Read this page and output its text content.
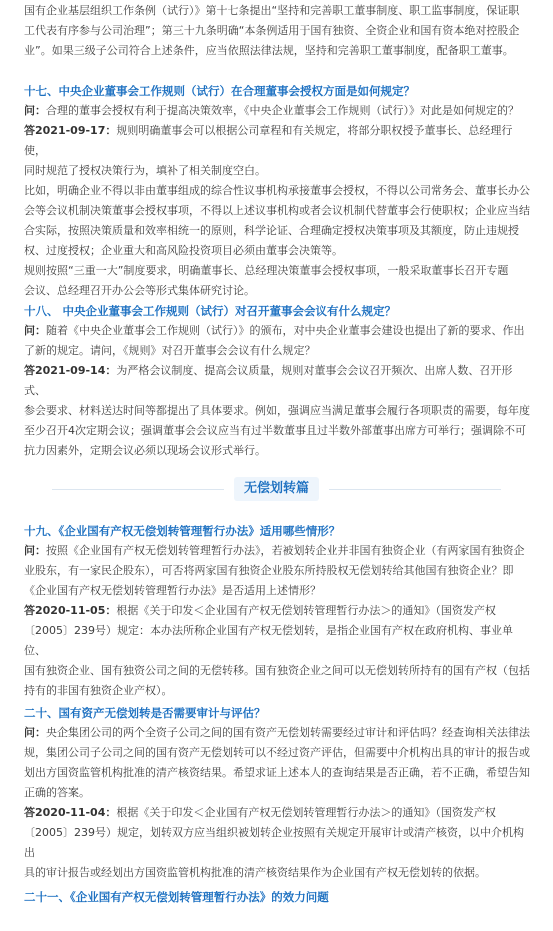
国有企业基层组织工作条例（试行）》第十七条提出“坚持和完善职工董事制度、职工监事制度，保证职

工代表有序参与公司治理”；第三十九条明确“本条例适用于国有独资、全资企业和国有资本绝对控股企

业”。如果三级子公司符合上述条件，应当依照法律法规，坚持和完善职工董事制度，配备职工董事。

十七、中央企业董事会工作规则（试行）在合理董事会授权方面是如何规定？

问：合理的董事会授权有利于提高决策效率，《中央企业董事会工作规则（试行）》对此是如何规定的？

答2021-09-17：规则明确董事会可以根据公司章程和有关规定，将部分职权授予董事长、总经理行使，

同时规范了授权决策行为，填补了相关制度空白。

比如，明确企业不得以非由董事组成的综合性议事机构承接董事会授权，不得以公司常务会、董事长办公

会等会议机制决策董事会授权事项，不得以上述议事机构或者会议机制代替董事会行使职权；企业应当结

合实际，按照决策质量和效率相统一的原则，科学论证、合理确定授权决策事项及其额度，防止违规授

权、过度授权；企业重大和高风险投资项目必须由董事会决策等。

规则按照“三重一大”制度要求，明确董事长、总经理决策董事会授权事项，一般采取董事长召开专题

会议、总经理召开办公会等形式集体研究讨论。

十八、 中央企业董事会工作规则（试行）对召开董事会会议有什么规定？

问：随着《中央企业董事会工作规则（试行）》的颁布，对中央企业董事会建设也提出了新的要求、作出

了新的规定。请问，《规则》对召开董事会会议有什么规定？

答2021-09-14：为严格会议制度、提高会议质量，规则对董事会会议召开频次、出席人数、召开形式、

参会要求、材料送达时间等都提出了具体要求。例如，强调应当满足董事会履行各项职责的需要，每年度

至少召开4次定期会议；强调董事会会议应当有过半数董事且过半数外部董事出席方可举行；强调除不可

抗力因素外，定期会议必须以现场会议形式举行。

无偿划转篇

十九、《企业国有产权无偿划转管理暂行办法》适用哪些情形？

问：按照《企业国有产权无偿划转管理暂行办法》，若被划转企业并非国有独资企业（有两家国有独资企

业股东，有一家民企股东），可否将两家国有独资企业股东所持股权无偿划转给其他国有独资企业？即

《企业国有产权无偿划转管理暂行办法》是否适用上述情形？

答2020-11-05：根据《关于印发＜企业国有产权无偿划转管理暂行办法＞的通知》（国资发产权

〔2005〕239号）规定：本办法所称企业国有产权无偿划转，是指企业国有产权在政府机构、事业单位、

国有独资企业、国有独资公司之间的无偿转移。国有独资企业之间可以无偿划转所持有的国有产权（包括

持有的非国有独资企业产权）。

二十、国有资产无偿划转是否需要审计与评估？

问：央企集团公司的两个全资子公司之间的国有资产无偿划转需要经过审计和评估吗？经查询相关法律法

规，集团公司子公司之间的国有资产无偿划转可以不经过资产评估，但需要中介机构出具的审计的报告或

划出方国资监管机构批准的清产核资结果。希望求证上述本人的查询结果是否正确，若不正确，希望告知

正确的答案。

答2020-11-04：根据《关于印发＜企业国有产权无偿划转管理暂行办法＞的通知》（国资发产权

〔2005〕239号）规定，划转双方应当组织被划转企业按照有关规定开展审计或清产核资，以中介机构出

具的审计报告或经划出方国资监管机构批准的清产核资结果作为企业国有产权无偿划转的依据。

二十一、《企业国有产权无偿划转管理暂行办法》的效力问题
